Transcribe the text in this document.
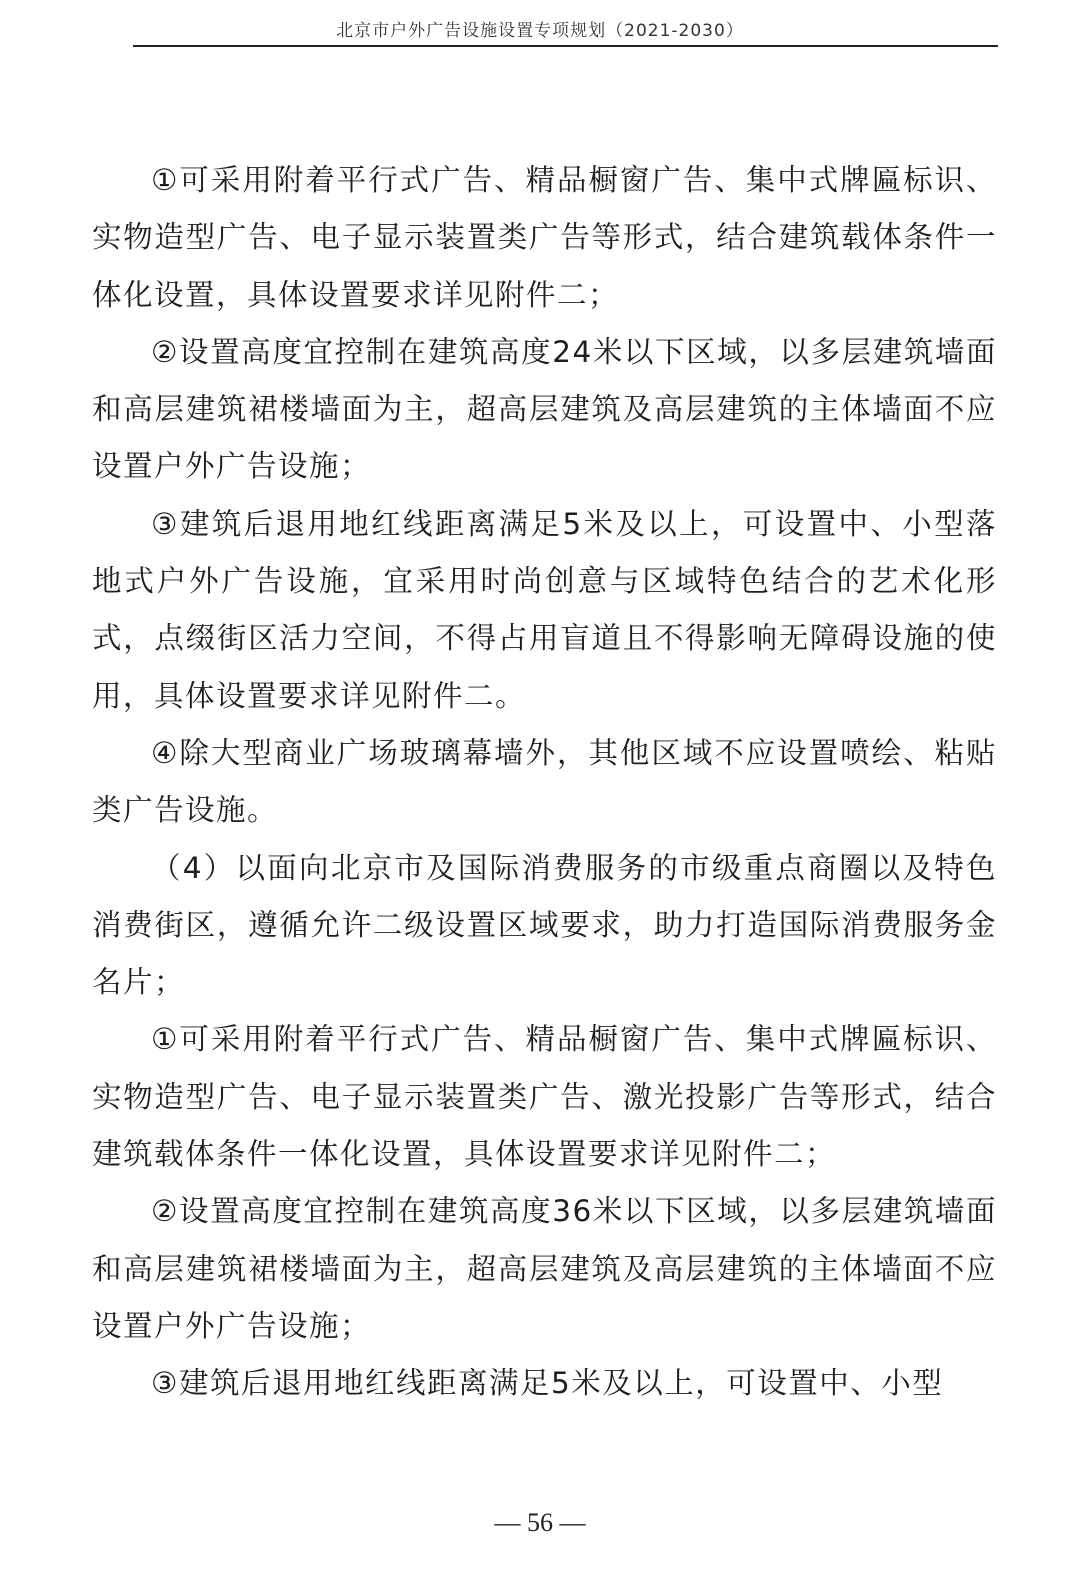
北京市户外广告设施设置专项规划（2021-2030）

①可采用附着平行式广告、精品橱窗广告、集中式牌匾标识、实物造型广告、电子显示装置类广告等形式，结合建筑载体条件一体化设置，具体设置要求详见附件二；

②设置高度宜控制在建筑高度24米以下区域，以多层建筑墙面和高层建筑裙楼墙面为主，超高层建筑及高层建筑的主体墙面不应设置户外广告设施；

③建筑后退用地红线距离满足5米及以上，可设置中、小型落地式户外广告设施，宜采用时尚创意与区域特色结合的艺术化形式，点缀街区活力空间，不得占用盲道且不得影响无障碍设施的使用，具体设置要求详见附件二。

④除大型商业广场玻璃幕墙外，其他区域不应设置喷绘、粘贴类广告设施。

（4）以面向北京市及国际消费服务的市级重点商圈以及特色消费街区，遵循允许二级设置区域要求，助力打造国际消费服务金名片；

①可采用附着平行式广告、精品橱窗广告、集中式牌匾标识、实物造型广告、电子显示装置类广告、激光投影广告等形式，结合建筑载体条件一体化设置，具体设置要求详见附件二；

②设置高度宜控制在建筑高度36米以下区域，以多层建筑墙面和高层建筑裙楼墙面为主，超高层建筑及高层建筑的主体墙面不应设置户外广告设施；

③建筑后退用地红线距离满足5米及以上，可设置中、小型

— 56 —
